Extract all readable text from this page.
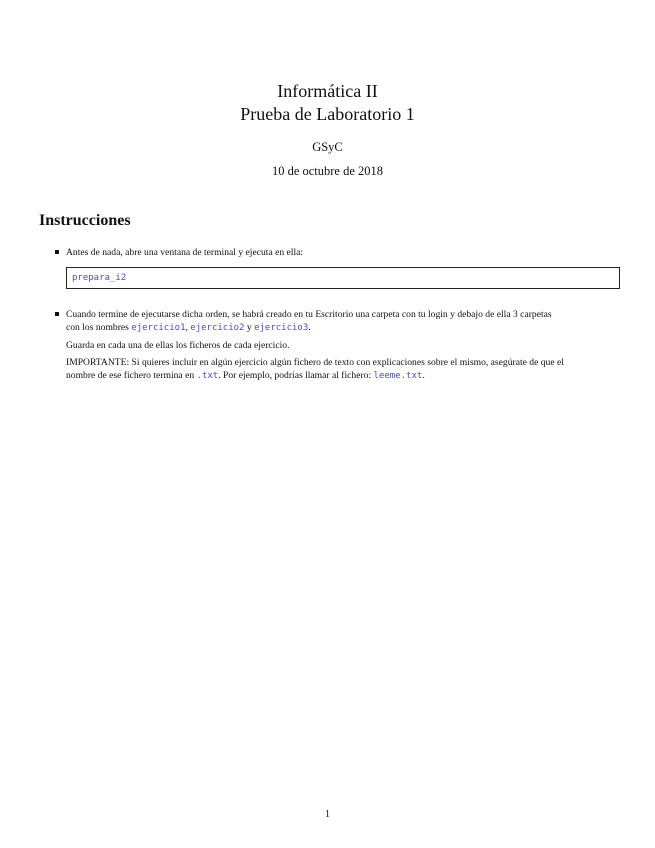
Informática II
Prueba de Laboratorio 1
GSyC
10 de octubre de 2018
Instrucciones
Antes de nada, abre una ventana de terminal y ejecuta en ella:
prepara_i2
Cuando termine de ejecutarse dicha orden, se habrá creado en tu Escritorio una carpeta con tu login y debajo de ella 3 carpetas
con los nombres ejercicio1, ejercicio2 y ejercicio3.
Guarda en cada una de ellas los ficheros de cada ejercicio.
IMPORTANTE: Si quieres incluir en algún ejercicio algún fichero de texto con explicaciones sobre el mismo, asegúrate de que el
nombre de ese fichero termina en .txt. Por ejemplo, podrías llamar al fichero: leeme.txt.
1
